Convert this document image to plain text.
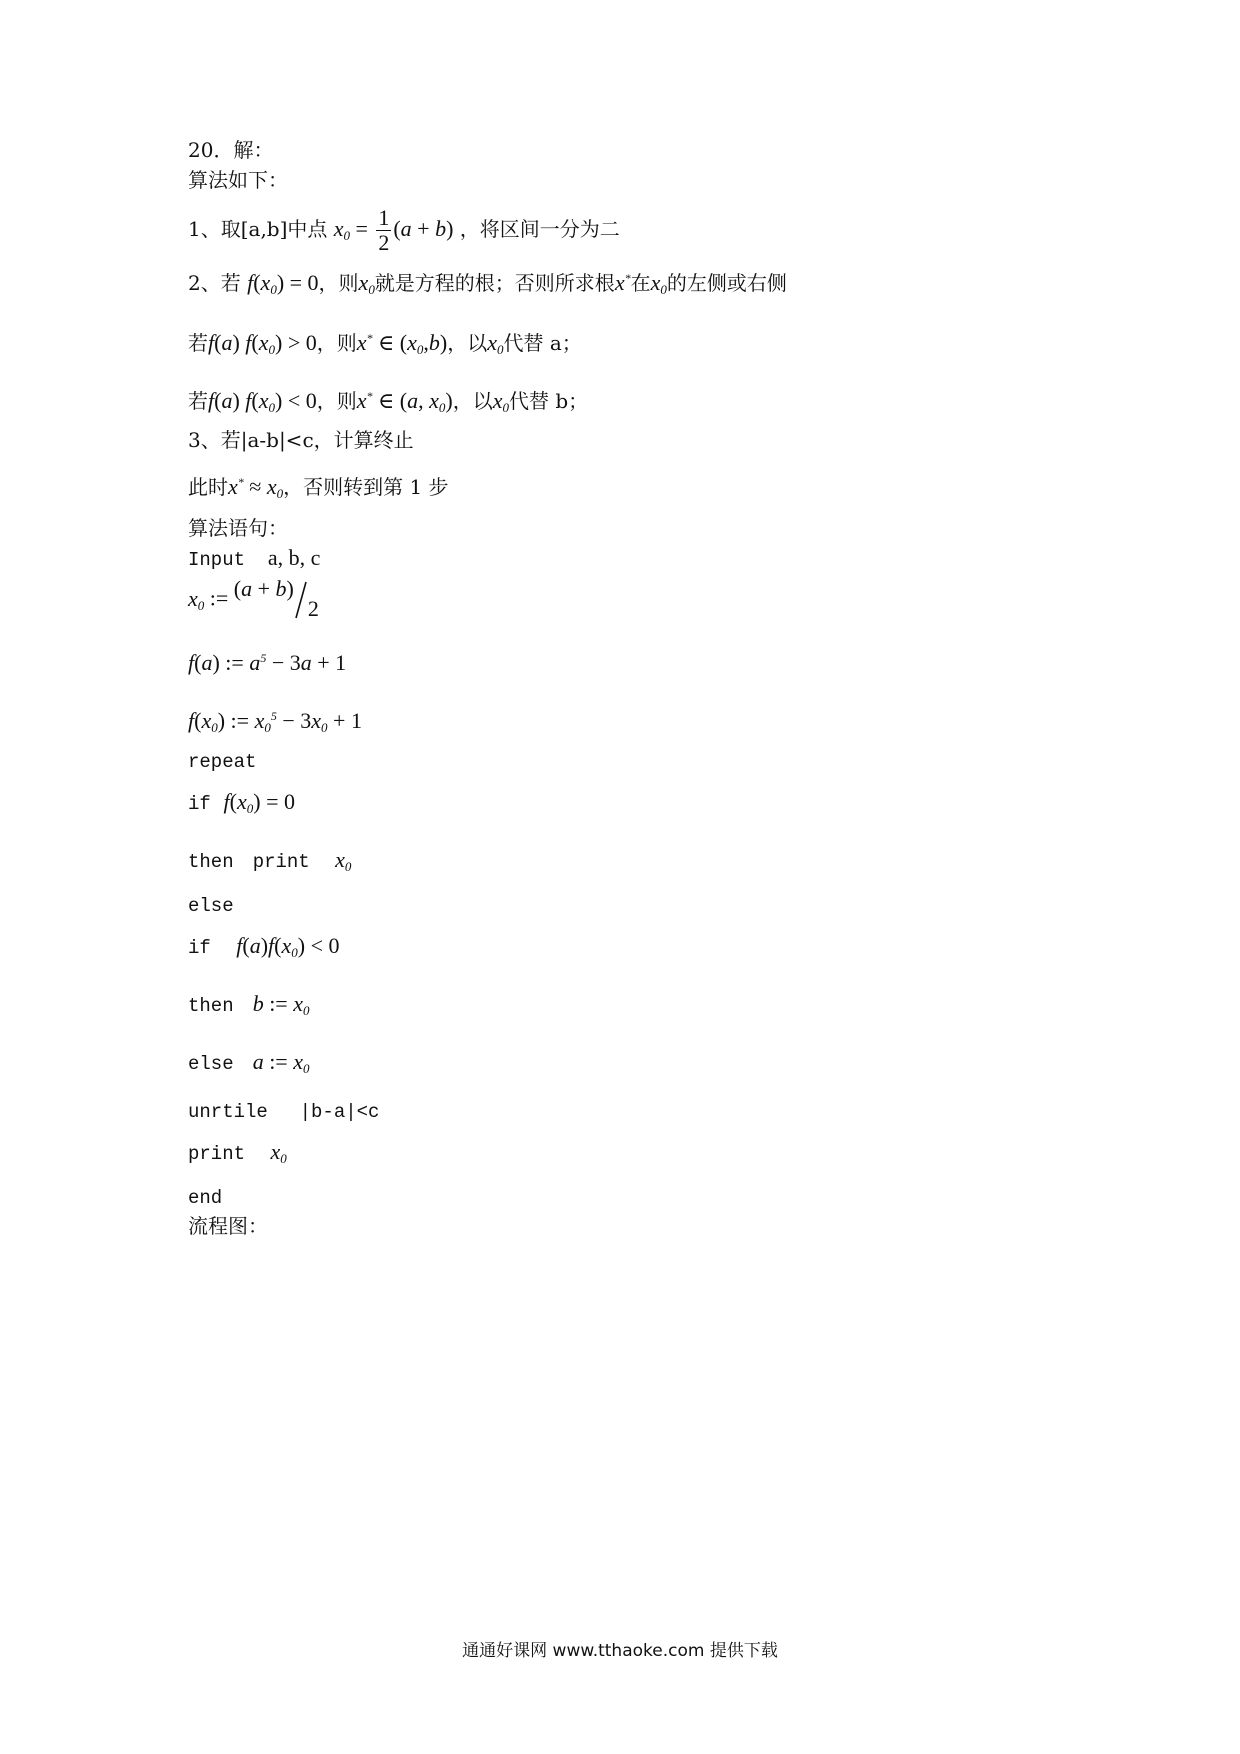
20．解：
算法如下：
1、取[a,b]中点 $x_0 = \frac{1}{2} (a + b)$ ，将区间一分为二
2、若 $f(x_0) = 0$，则$x_0$就是方程的根；否则所求根x*在$x_0$的左侧或右侧
若f(a) $f(x_0) > 0$，则x* ∈ $(x_0,b)$，以$x_0$代替 a；
若f(a) $f(x_0) < 0$，则x* ∈ (a, $x_0$)，以$x_0$代替 b；
3、若|a-b|<c，计算终止
此时$x^* \approx x_0$，否则转到第 1 步
算法语句：
Input a, b, c
$x_0$ := (a + b)2
f(a) := $a^5 - 3a + 1$
$f(x_0)$ := $x_0^5 - 3x_0 + 1$
repeat
if $f(x_0) = 0$
then print $x_0$
else
if $f(a)f(x_0) < 0$
then b := $x_0$
else a := $x_0$
unrtile |b-a|<c
print $x_0$
end
流程图：
通通好课网 www.tthaoke.com 提供下载
